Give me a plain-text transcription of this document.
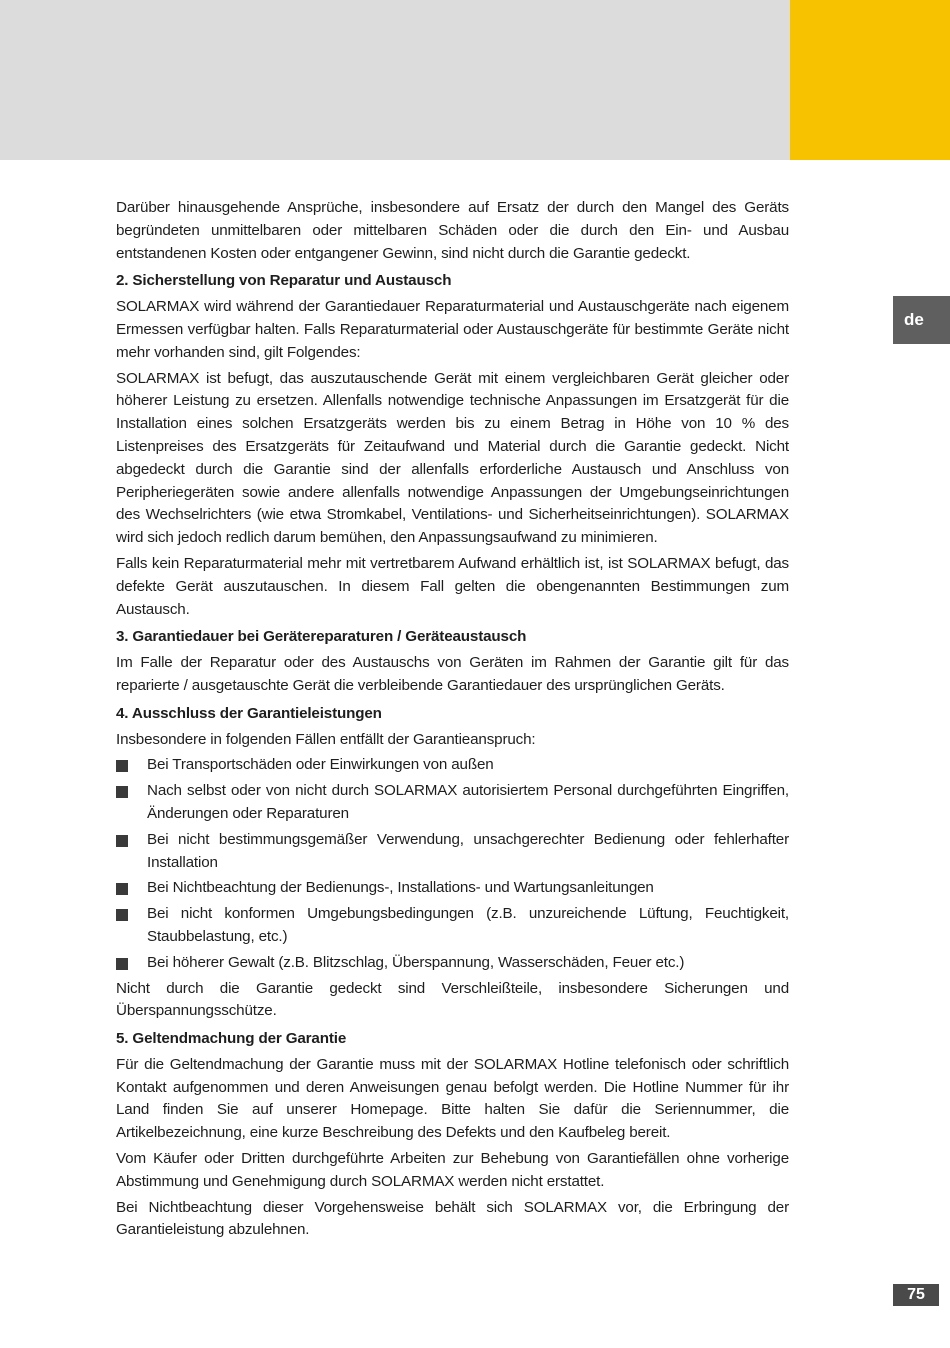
de

Darüber hinausgehende Ansprüche, insbesondere auf Ersatz der durch den Mangel des Geräts begründeten unmittelbaren oder mittelbaren Schäden oder die durch den Ein- und Ausbau entstandenen Kosten oder entgangener Gewinn, sind nicht durch die Garantie gedeckt.

2. Sicherstellung von Reparatur und Austausch

SOLARMAX wird während der Garantiedauer Reparaturmaterial und Austauschgeräte nach eigenem Ermessen verfügbar halten. Falls Reparaturmaterial oder Austauschgeräte für bestimmte Geräte nicht mehr vorhanden sind, gilt Folgendes:

SOLARMAX ist befugt, das auszutauschende Gerät mit einem vergleichbaren Gerät gleicher oder höherer Leistung zu ersetzen. Allenfalls notwendige technische Anpassungen im Ersatzgerät für die Installation eines solchen Ersatzgeräts werden bis zu einem Betrag in Höhe von 10 % des Listenpreises des Ersatzgeräts für Zeitaufwand und Material durch die Garantie gedeckt. Nicht abgedeckt durch die Garantie sind der allenfalls erforderliche Austausch und Anschluss von Peripheriegeräten sowie andere allenfalls notwendige Anpassungen der Umgebungseinrichtungen des Wechselrichters (wie etwa Stromkabel, Ventilations- und Sicherheitseinrichtungen). SOLARMAX wird sich jedoch redlich darum bemühen, den Anpassungsaufwand zu minimieren.

Falls kein Reparaturmaterial mehr mit vertretbarem Aufwand erhältlich ist, ist SOLARMAX befugt, das defekte Gerät auszutauschen. In diesem Fall gelten die obengenannten Bestimmungen zum Austausch.

3. Garantiedauer bei Gerätereparaturen / Geräteaustausch

Im Falle der Reparatur oder des Austauschs von Geräten im Rahmen der Garantie gilt für das reparierte / ausgetauschte Gerät die verbleibende Garantiedauer des ursprünglichen Geräts.

4. Ausschluss der Garantieleistungen

Insbesondere in folgenden Fällen entfällt der Garantieanspruch:

Bei Transportschäden oder Einwirkungen von außen
Nach selbst oder von nicht durch SOLARMAX autorisiertem Personal durchgeführten Eingriffen, Änderungen oder Reparaturen
Bei nicht bestimmungsgemäßer Verwendung, unsachgerechter Bedienung oder fehlerhafter Installation
Bei Nichtbeachtung der Bedienungs-, Installations- und Wartungsanleitungen
Bei nicht konformen Umgebungsbedingungen (z.B. unzureichende Lüftung, Feuchtigkeit, Staubbelastung, etc.)
Bei höherer Gewalt (z.B. Blitzschlag, Überspannung, Wasserschäden, Feuer etc.)

Nicht durch die Garantie gedeckt sind Verschleißteile, insbesondere Sicherungen und Überspannungsschütze.

5. Geltendmachung der Garantie

Für die Geltendmachung der Garantie muss mit der SOLARMAX Hotline telefonisch oder schriftlich Kontakt aufgenommen und deren Anweisungen genau befolgt werden. Die Hotline Nummer für ihr Land finden Sie auf unserer Homepage. Bitte halten Sie dafür die Seriennummer, die Artikelbezeichnung, eine kurze Beschreibung des Defekts und den Kaufbeleg bereit.

Vom Käufer oder Dritten durchgeführte Arbeiten zur Behebung von Garantiefällen ohne vorherige Abstimmung und Genehmigung durch SOLARMAX werden nicht erstattet.

Bei Nichtbeachtung dieser Vorgehensweise behält sich SOLARMAX vor, die Erbringung der Garantieleistung abzulehnen.

75
